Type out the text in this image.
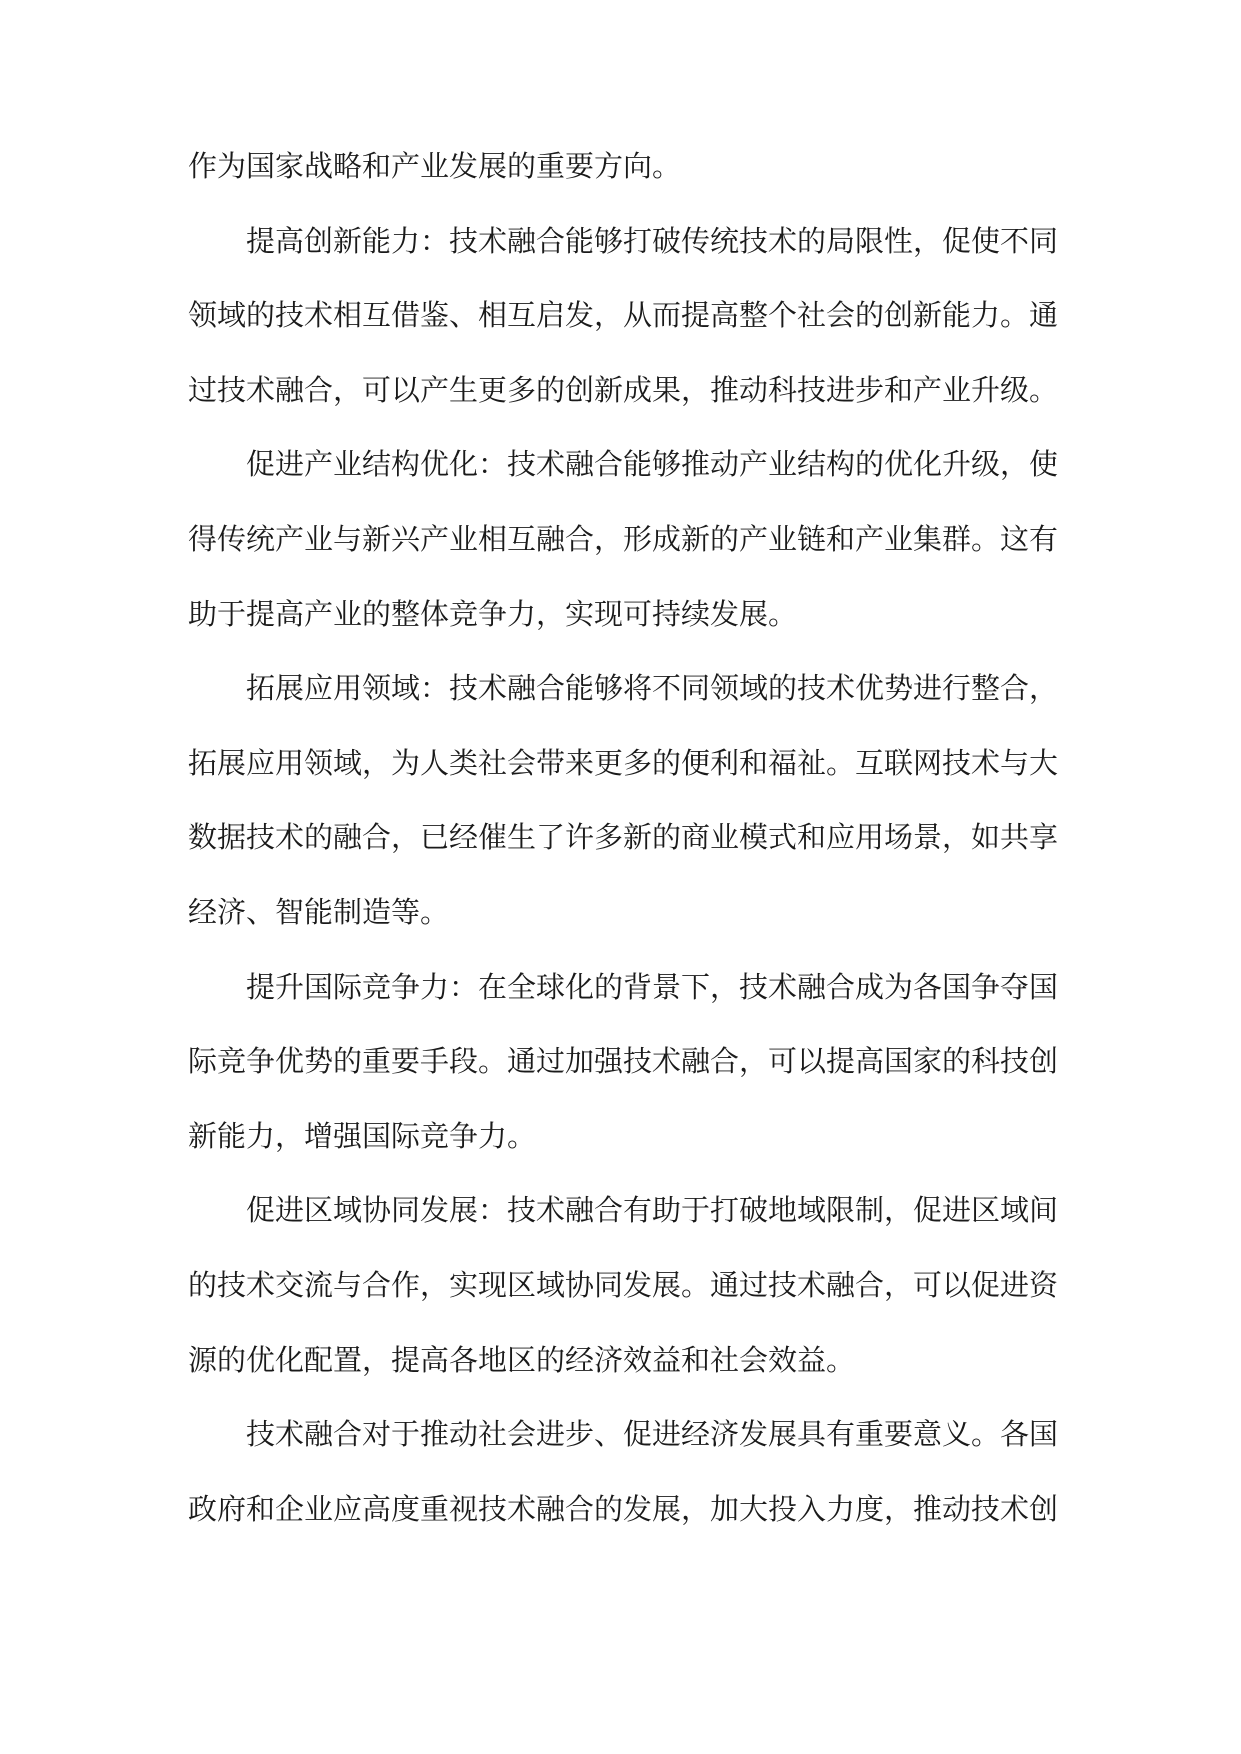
作为国家战略和产业发展的重要方向。
提高创新能力：技术融合能够打破传统技术的局限性，促使不同
领域的技术相互借鉴、相互启发，从而提高整个社会的创新能力。通
过技术融合，可以产生更多的创新成果，推动科技进步和产业升级。
促进产业结构优化：技术融合能够推动产业结构的优化升级，使
得传统产业与新兴产业相互融合，形成新的产业链和产业集群。这有
助于提高产业的整体竞争力，实现可持续发展。
拓展应用领域：技术融合能够将不同领域的技术优势进行整合，
拓展应用领域，为人类社会带来更多的便利和福祉。互联网技术与大
数据技术的融合，已经催生了许多新的商业模式和应用场景，如共享
经济、智能制造等。
提升国际竞争力：在全球化的背景下，技术融合成为各国争夺国
际竞争优势的重要手段。通过加强技术融合，可以提高国家的科技创
新能力，增强国际竞争力。
促进区域协同发展：技术融合有助于打破地域限制，促进区域间
的技术交流与合作，实现区域协同发展。通过技术融合，可以促进资
源的优化配置，提高各地区的经济效益和社会效益。
技术融合对于推动社会进步、促进经济发展具有重要意义。各国
政府和企业应高度重视技术融合的发展，加大投入力度，推动技术创
